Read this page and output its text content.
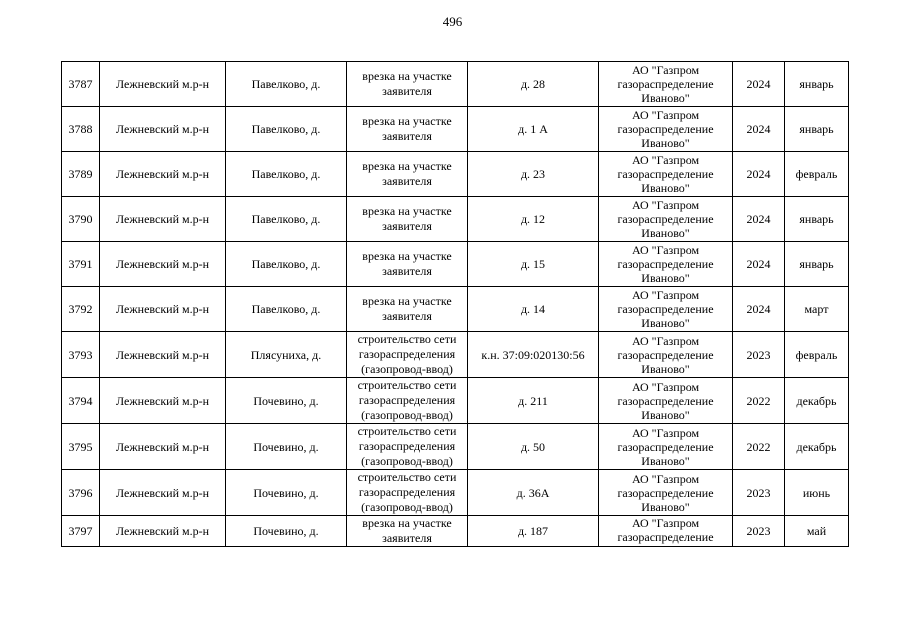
496
3787	Лежневский м.р-н	Павелково, д.	врезка на участке заявителя	д. 28	АО "Газпром газораспределение Иваново"	2024	январь
3788	Лежневский м.р-н	Павелково, д.	врезка на участке заявителя	д. 1 А	АО "Газпром газораспределение Иваново"	2024	январь
3789	Лежневский м.р-н	Павелково, д.	врезка на участке заявителя	д. 23	АО "Газпром газораспределение Иваново"	2024	февраль
3790	Лежневский м.р-н	Павелково, д.	врезка на участке заявителя	д. 12	АО "Газпром газораспределение Иваново"	2024	январь
3791	Лежневский м.р-н	Павелково, д.	врезка на участке заявителя	д. 15	АО "Газпром газораспределение Иваново"	2024	январь
3792	Лежневский м.р-н	Павелково, д.	врезка на участке заявителя	д. 14	АО "Газпром газораспределение Иваново"	2024	март
3793	Лежневский м.р-н	Плясуниха, д.	строительство сети газораспределения (газопровод-ввод)	к.н. 37:09:020130:56	АО "Газпром газораспределение Иваново"	2023	февраль
3794	Лежневский м.р-н	Почевино, д.	строительство сети газораспределения (газопровод-ввод)	д. 211	АО "Газпром газораспределение Иваново"	2022	декабрь
3795	Лежневский м.р-н	Почевино, д.	строительство сети газораспределения (газопровод-ввод)	д. 50	АО "Газпром газораспределение Иваново"	2022	декабрь
3796	Лежневский м.р-н	Почевино, д.	строительство сети газораспределения (газопровод-ввод)	д. 36А	АО "Газпром газораспределение Иваново"	2023	июнь
3797	Лежневский м.р-н	Почевино, д.	врезка на участке заявителя	д. 187	АО "Газпром газораспределение	2023	май
